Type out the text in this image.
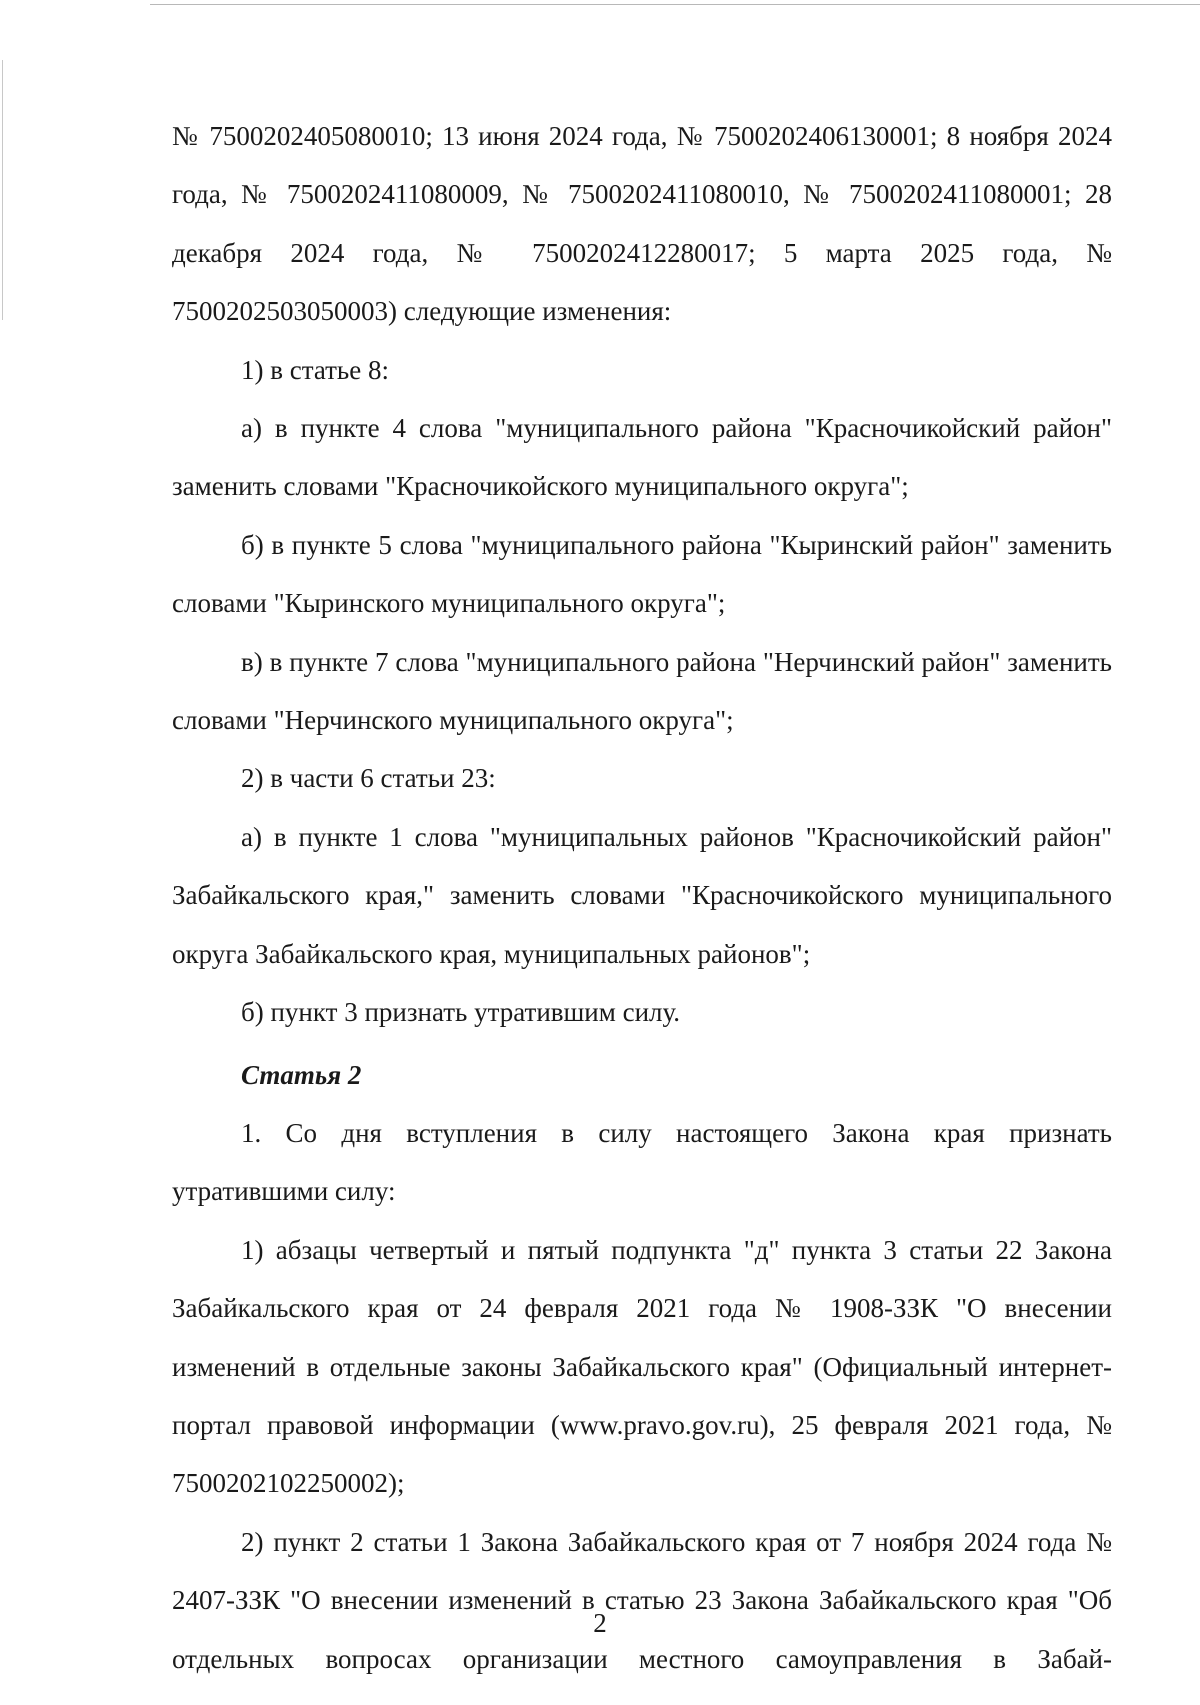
№ 7500202405080010; 13 июня 2024 года, № 7500202406130001; 8 ноября 2024 года, № 7500202411080009, № 7500202411080010, № 7500202411080001; 28 декабря 2024 года, № 7500202412280017; 5 марта 2025 года, № 7500202503050003) следующие изменения:

1) в статье 8:

а) в пункте 4 слова "муниципального района "Красночикойский район" заменить словами "Красночикойского муниципального округа";

б) в пункте 5 слова "муниципального района "Кыринский район" заменить словами "Кыринского муниципального округа";

в) в пункте 7 слова "муниципального района "Нерчинский район" заменить словами "Нерчинского муниципального округа";

2) в части 6 статьи 23:

а) в пункте 1 слова "муниципальных районов "Красночикойский район" Забайкальского края," заменить словами "Красночикойского муниципального округа Забайкальского края, муниципальных районов";

б) пункт 3 признать утратившим силу.

Статья 2

1. Со дня вступления в силу настоящего Закона края признать утратившими силу:

1) абзацы четвертый и пятый подпункта "д" пункта 3 статьи 22 Закона Забайкальского края от 24 февраля 2021 года № 1908-ЗЗК "О внесении изменений в отдельные законы Забайкальского края" (Официальный интернет-портал правовой информации (www.pravo.gov.ru), 25 февраля 2021 года, № 7500202102250002);

2) пункт 2 статьи 1 Закона Забайкальского края от 7 ноября 2024 года № 2407-ЗЗК "О внесении изменений в статью 23 Закона Забайкальского края "Об отдельных вопросах организации местного самоуправления в Забай-

2
